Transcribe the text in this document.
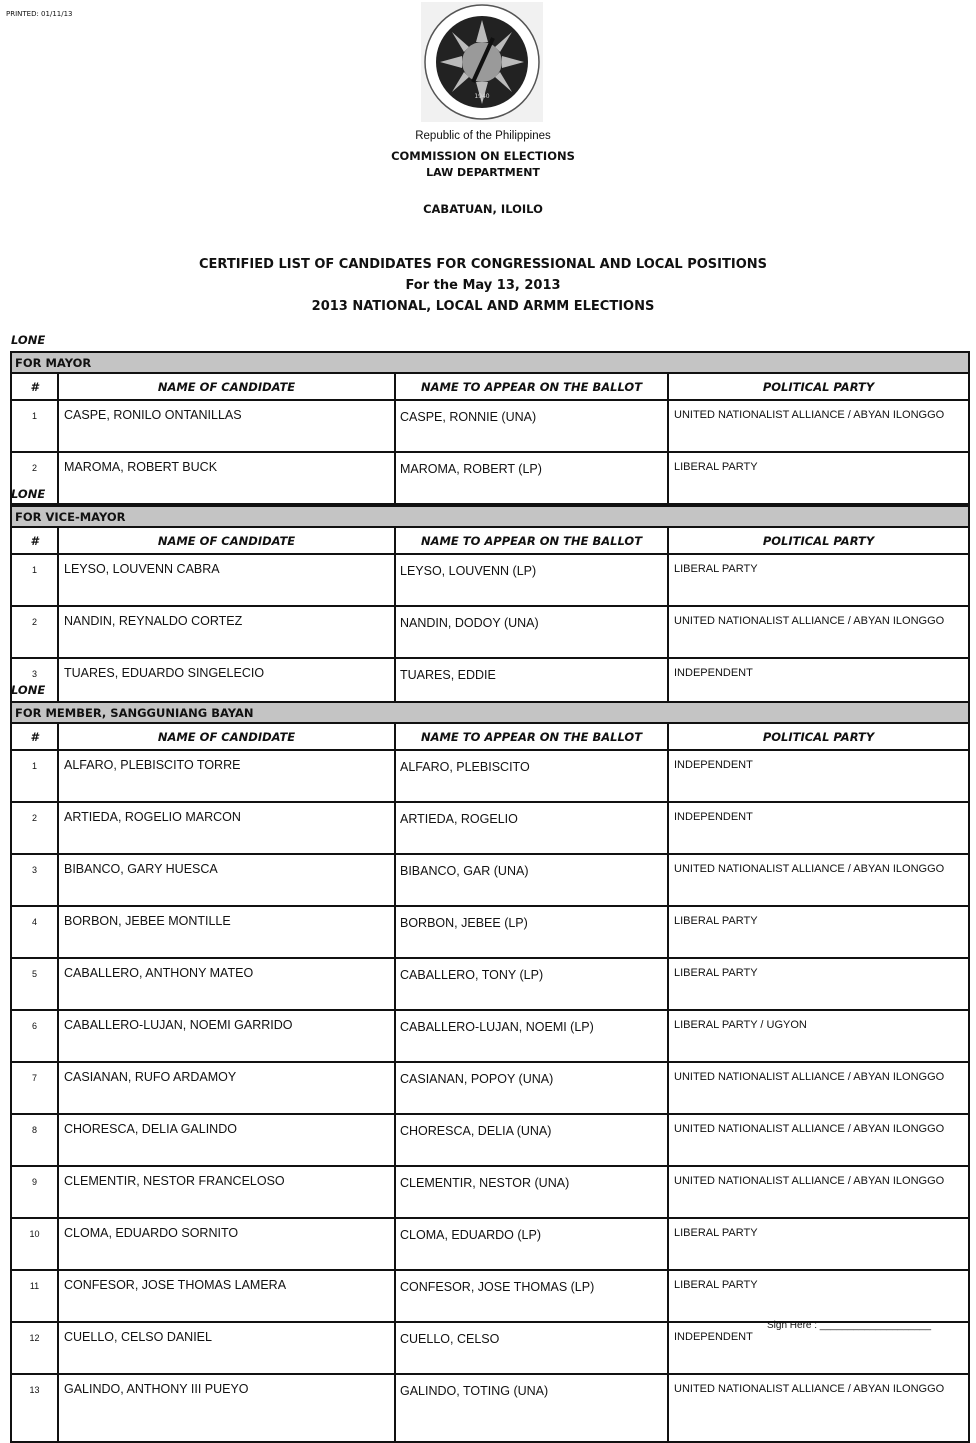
PRINTED: 01/11/13
1940
Republic of the Philippines
COMMISSION ON ELECTIONS
LAW DEPARTMENT
CABATUAN, ILOILO
CERTIFIED LIST OF CANDIDATES FOR CONGRESSIONAL AND LOCAL POSITIONS
For the May 13, 2013
2013 NATIONAL, LOCAL AND ARMM ELECTIONS
LONE
FOR MAYOR			
#	NAME OF CANDIDATE	NAME TO APPEAR ON THE BALLOT	POLITICAL PARTY
1	CASPE, RONILO ONTANILLAS	CASPE, RONNIE (UNA)	UNITED NATIONALIST ALLIANCE / ABYAN ILONGGO
2	MAROMA, ROBERT BUCK	MAROMA, ROBERT (LP)	LIBERAL PARTY
LONE
FOR VICE-MAYOR			
#	NAME OF CANDIDATE	NAME TO APPEAR ON THE BALLOT	POLITICAL PARTY
1	LEYSO, LOUVENN CABRA	LEYSO, LOUVENN (LP)	LIBERAL PARTY
2	NANDIN, REYNALDO CORTEZ	NANDIN, DODOY (UNA)	UNITED NATIONALIST ALLIANCE / ABYAN ILONGGO
3	TUARES, EDUARDO SINGELECIO	TUARES, EDDIE	INDEPENDENT
LONE
FOR MEMBER, SANGGUNIANG BAYAN			
#	NAME OF CANDIDATE	NAME TO APPEAR ON THE BALLOT	POLITICAL PARTY
1	ALFARO, PLEBISCITO TORRE	ALFARO, PLEBISCITO	INDEPENDENT
2	ARTIEDA, ROGELIO MARCON	ARTIEDA, ROGELIO	INDEPENDENT
3	BIBANCO, GARY HUESCA	BIBANCO, GAR (UNA)	UNITED NATIONALIST ALLIANCE / ABYAN ILONGGO
4	BORBON, JEBEE MONTILLE	BORBON, JEBEE (LP)	LIBERAL PARTY
5	CABALLERO, ANTHONY MATEO	CABALLERO, TONY (LP)	LIBERAL PARTY
6	CABALLERO-LUJAN, NOEMI GARRIDO	CABALLERO-LUJAN, NOEMI (LP)	LIBERAL PARTY / UGYON
7	CASIANAN, RUFO ARDAMOY	CASIANAN, POPOY (UNA)	UNITED NATIONALIST ALLIANCE / ABYAN ILONGGO
8	CHORESCA, DELIA GALINDO	CHORESCA, DELIA (UNA)	UNITED NATIONALIST ALLIANCE / ABYAN ILONGGO
9	CLEMENTIR, NESTOR FRANCELOSO	CLEMENTIR, NESTOR (UNA)	UNITED NATIONALIST ALLIANCE / ABYAN ILONGGO
10	CLOMA, EDUARDO SORNITO	CLOMA, EDUARDO (LP)	LIBERAL PARTY
11	CONFESOR, JOSE THOMAS LAMERA	CONFESOR, JOSE THOMAS (LP)	LIBERAL PARTY
12	CUELLO, CELSO DANIEL	CUELLO, CELSO	INDEPENDENT
13	GALINDO, ANTHONY III PUEYO	GALINDO, TOTING (UNA)	UNITED NATIONALIST ALLIANCE / ABYAN ILONGGO
Sign Here : ____________________
